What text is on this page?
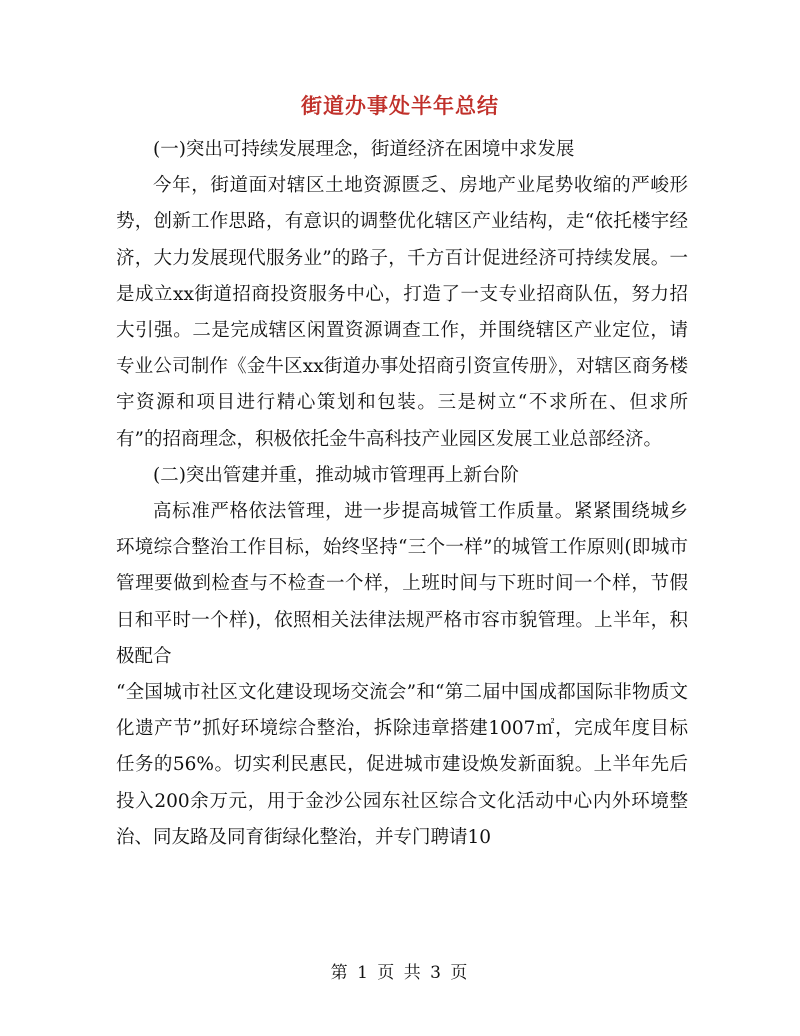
街道办事处半年总结

(一)突出可持续发展理念，街道经济在困境中求发展

今年，街道面对辖区土地资源匮乏、房地产业尾势收缩的严峻形势，创新工作思路，有意识的调整优化辖区产业结构，走“依托楼宇经济，大力发展现代服务业”的路子，千方百计促进经济可持续发展。一是成立xx街道招商投资服务中心，打造了一支专业招商队伍，努力招大引强。二是完成辖区闲置资源调查工作，并围绕辖区产业定位，请专业公司制作《金牛区xx街道办事处招商引资宣传册》，对辖区商务楼宇资源和项目进行精心策划和包装。三是树立“不求所在、但求所有”的招商理念，积极依托金牛高科技产业园区发展工业总部经济。

(二)突出管建并重，推动城市管理再上新台阶

高标准严格依法管理，进一步提高城管工作质量。紧紧围绕城乡环境综合整治工作目标，始终坚持“三个一样”的城管工作原则(即城市管理要做到检查与不检查一个样，上班时间与下班时间一个样，节假日和平时一个样)，依照相关法律法规严格市容市貌管理。上半年，积极配合

“全国城市社区文化建设现场交流会”和“第二届中国成都国际非物质文化遗产节”抓好环境综合整治，拆除违章搭建1007㎡，完成年度目标任务的56%。切实利民惠民，促进城市建设焕发新面貌。上半年先后投入200余万元，用于金沙公园东社区综合文化活动中心内外环境整治、同友路及同育街绿化整治，并专门聘请10

第 1 页 共 3 页
